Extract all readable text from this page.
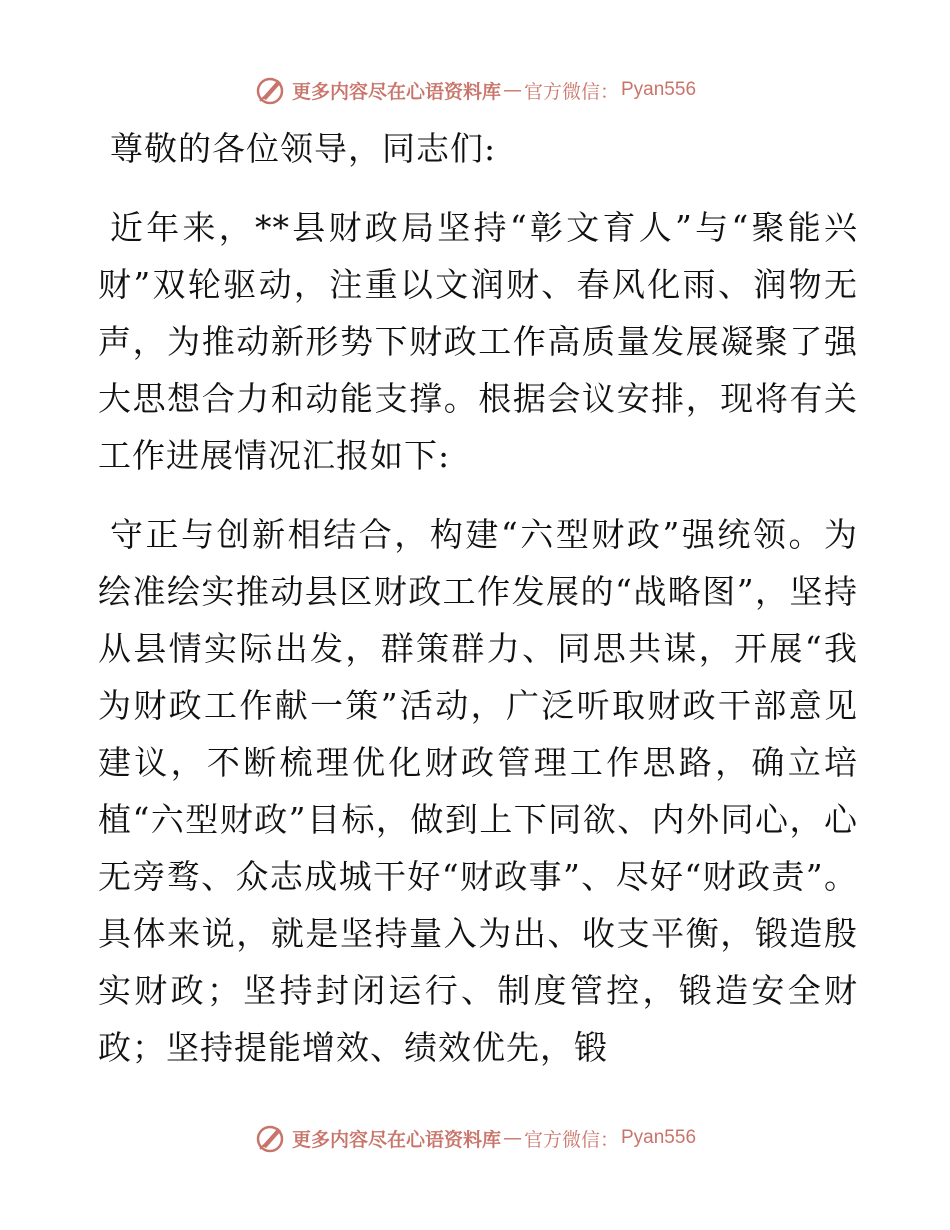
更多内容尽在心语资料库 — 官方微信： Pyan556

尊敬的各位领导，同志们:

近年来，**县财政局坚持“彰文育人”与“聚能兴财”双轮驱动，注重以文润财、春风化雨、润物无声，为推动新形势下财政工作高质量发展凝聚了强大思想合力和动能支撑。根据会议安排，现将有关工作进展情况汇报如下:

守正与创新相结合，构建“六型财政”强统领。为绘准绘实推动县区财政工作发展的“战略图”，坚持从县情实际出发，群策群力、同思共谋，开展“我为财政工作献一策”活动，广泛听取财政干部意见建议，不断梳理优化财政管理工作思路，确立培植“六型财政”目标，做到上下同欲、内外同心，心无旁骛、众志成城干好“财政事”、尽好“财政责”。具体来说，就是坚持量入为出、收支平衡，锻造殷实财政；坚持封闭运行、制度管控，锻造安全财政；坚持提能增效、绩效优先，锻

更多内容尽在心语资料库 — 官方微信： Pyan556
